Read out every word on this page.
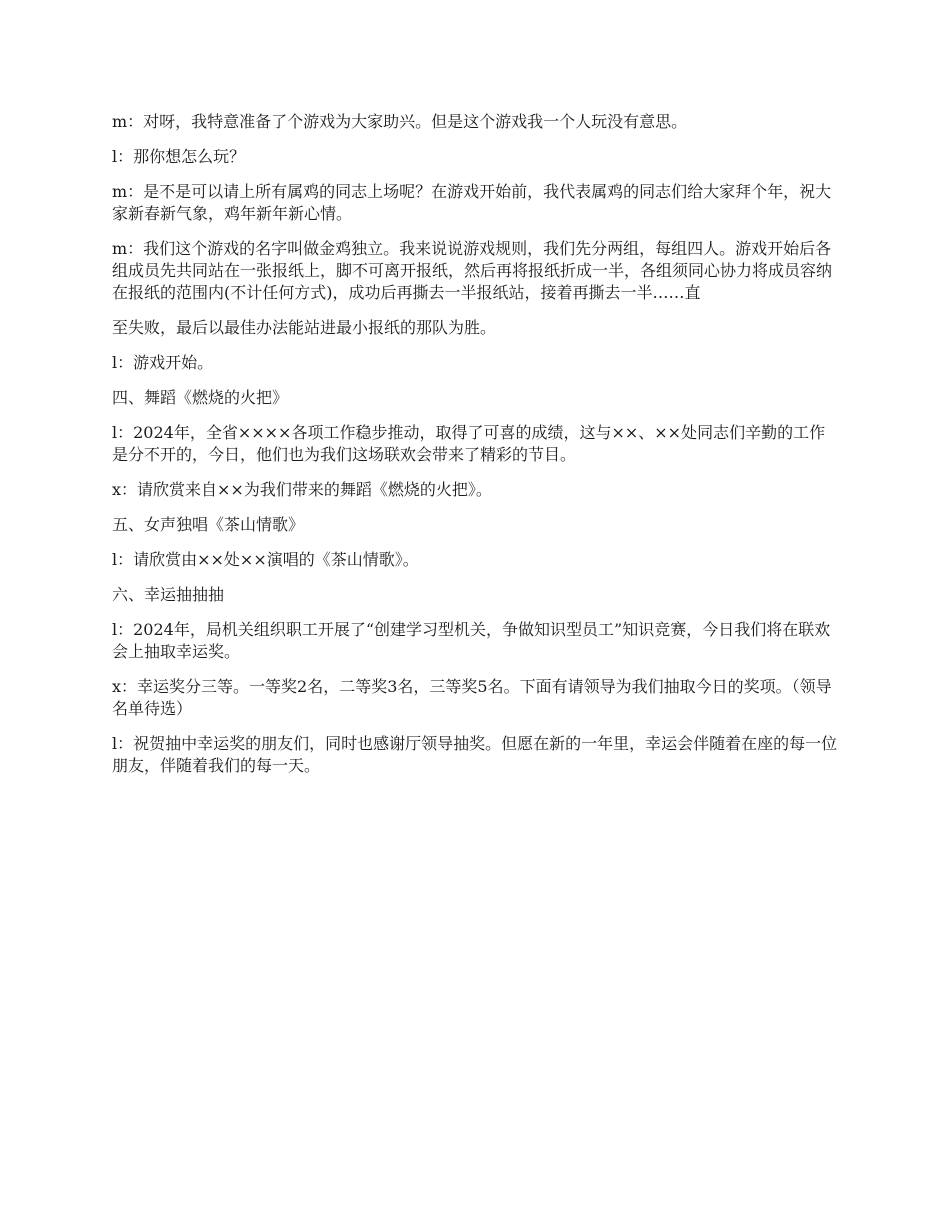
m：对呀，我特意准备了个游戏为大家助兴。但是这个游戏我一个人玩没有意思。

l：那你想怎么玩？

m：是不是可以请上所有属鸡的同志上场呢？在游戏开始前，我代表属鸡的同志们给大家拜个年，祝大家新春新气象，鸡年新年新心情。

m：我们这个游戏的名字叫做金鸡独立。我来说说游戏规则，我们先分两组，每组四人。游戏开始后各组成员先共同站在一张报纸上，脚不可离开报纸，然后再将报纸折成一半，各组须同心协力将成员容纳在报纸的范围内(不计任何方式)，成功后再撕去一半报纸站，接着再撕去一半……直

至失败，最后以最佳办法能站进最小报纸的那队为胜。

l：游戏开始。

四、舞蹈《燃烧的火把》

l：2024年，全省××××各项工作稳步推动，取得了可喜的成绩，这与××、××处同志们辛勤的工作是分不开的，今日，他们也为我们这场联欢会带来了精彩的节目。

x：请欣赏来自××为我们带来的舞蹈《燃烧的火把》。

五、女声独唱《茶山情歌》

l：请欣赏由××处××演唱的《茶山情歌》。

六、幸运抽抽抽

l：2024年，局机关组织职工开展了“创建学习型机关，争做知识型员工”知识竞赛，今日我们将在联欢会上抽取幸运奖。

x：幸运奖分三等。一等奖2名，二等奖3名，三等奖5名。下面有请领导为我们抽取今日的奖项。（领导名单待选）

l：祝贺抽中幸运奖的朋友们，同时也感谢厅领导抽奖。但愿在新的一年里，幸运会伴随着在座的每一位朋友，伴随着我们的每一天。
